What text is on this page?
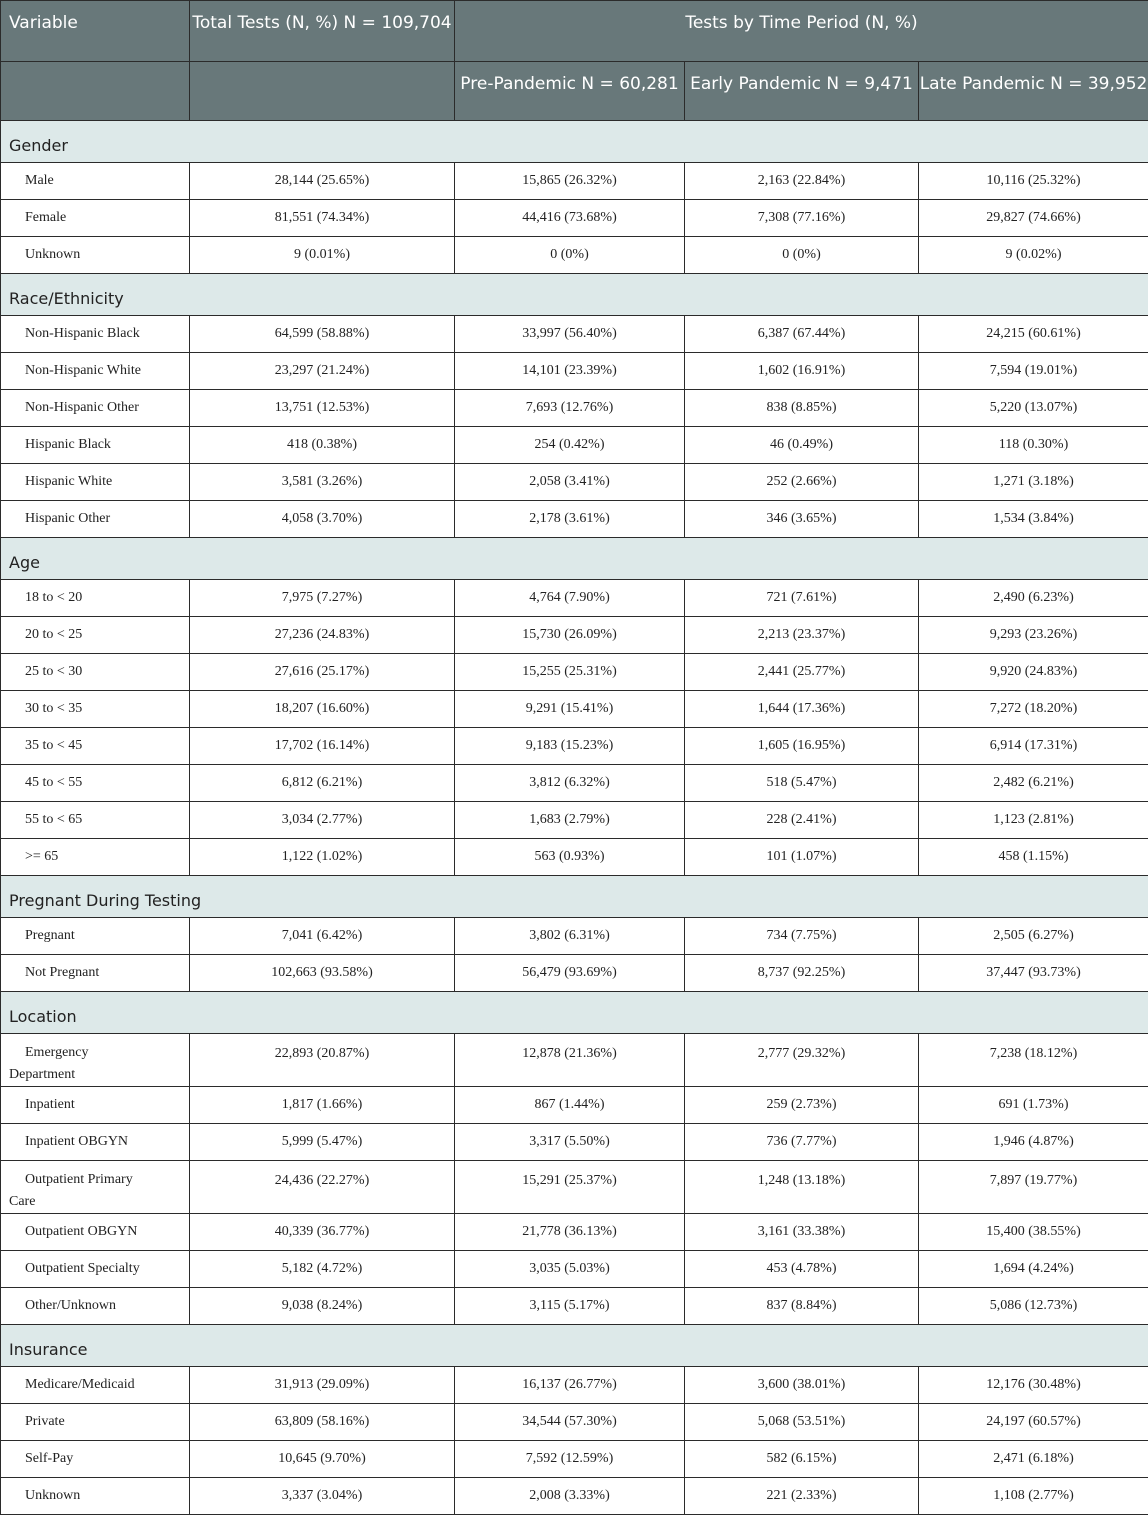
Variable	Total Tests (N, %) N = 109,704	Tests by Time Period (N, %)		
		Pre-Pandemic N = 60,281	Early Pandemic N = 9,471	Late Pandemic N = 39,952
Gender				
Male	28,144 (25.65%)	15,865 (26.32%)	2,163 (22.84%)	10,116 (25.32%)
Female	81,551 (74.34%)	44,416 (73.68%)	7,308 (77.16%)	29,827 (74.66%)
Unknown	9 (0.01%)	0 (0%)	0 (0%)	9 (0.02%)
Race/Ethnicity				
Non-Hispanic Black	64,599 (58.88%)	33,997 (56.40%)	6,387 (67.44%)	24,215 (60.61%)
Non-Hispanic White	23,297 (21.24%)	14,101 (23.39%)	1,602 (16.91%)	7,594 (19.01%)
Non-Hispanic Other	13,751 (12.53%)	7,693 (12.76%)	838 (8.85%)	5,220 (13.07%)
Hispanic Black	418 (0.38%)	254 (0.42%)	46 (0.49%)	118 (0.30%)
Hispanic White	3,581 (3.26%)	2,058 (3.41%)	252 (2.66%)	1,271 (3.18%)
Hispanic Other	4,058 (3.70%)	2,178 (3.61%)	346 (3.65%)	1,534 (3.84%)
Age				
18 to < 20	7,975 (7.27%)	4,764 (7.90%)	721 (7.61%)	2,490 (6.23%)
20 to < 25	27,236 (24.83%)	15,730 (26.09%)	2,213 (23.37%)	9,293 (23.26%)
25 to < 30	27,616 (25.17%)	15,255 (25.31%)	2,441 (25.77%)	9,920 (24.83%)
30 to < 35	18,207 (16.60%)	9,291 (15.41%)	1,644 (17.36%)	7,272 (18.20%)
35 to < 45	17,702 (16.14%)	9,183 (15.23%)	1,605 (16.95%)	6,914 (17.31%)
45 to < 55	6,812 (6.21%)	3,812 (6.32%)	518 (5.47%)	2,482 (6.21%)
55 to < 65	3,034 (2.77%)	1,683 (2.79%)	228 (2.41%)	1,123 (2.81%)
>= 65	1,122 (1.02%)	563 (0.93%)	101 (1.07%)	458 (1.15%)
Pregnant During Testing				
Pregnant	7,041 (6.42%)	3,802 (6.31%)	734 (7.75%)	2,505 (6.27%)
Not Pregnant	102,663 (93.58%)	56,479 (93.69%)	8,737 (92.25%)	37,447 (93.73%)
Location				
Emergency
Department	22,893 (20.87%)	12,878 (21.36%)	2,777 (29.32%)	7,238 (18.12%)
Inpatient	1,817 (1.66%)	867 (1.44%)	259 (2.73%)	691 (1.73%)
Inpatient OBGYN	5,999 (5.47%)	3,317 (5.50%)	736 (7.77%)	1,946 (4.87%)
Outpatient Primary
Care	24,436 (22.27%)	15,291 (25.37%)	1,248 (13.18%)	7,897 (19.77%)
Outpatient OBGYN	40,339 (36.77%)	21,778 (36.13%)	3,161 (33.38%)	15,400 (38.55%)
Outpatient Specialty	5,182 (4.72%)	3,035 (5.03%)	453 (4.78%)	1,694 (4.24%)
Other/Unknown	9,038 (8.24%)	3,115 (5.17%)	837 (8.84%)	5,086 (12.73%)
Insurance				
Medicare/Medicaid	31,913 (29.09%)	16,137 (26.77%)	3,600 (38.01%)	12,176 (30.48%)
Private	63,809 (58.16%)	34,544 (57.30%)	5,068 (53.51%)	24,197 (60.57%)
Self-Pay	10,645 (9.70%)	7,592 (12.59%)	582 (6.15%)	2,471 (6.18%)
Unknown	3,337 (3.04%)	2,008 (3.33%)	221 (2.33%)	1,108 (2.77%)
